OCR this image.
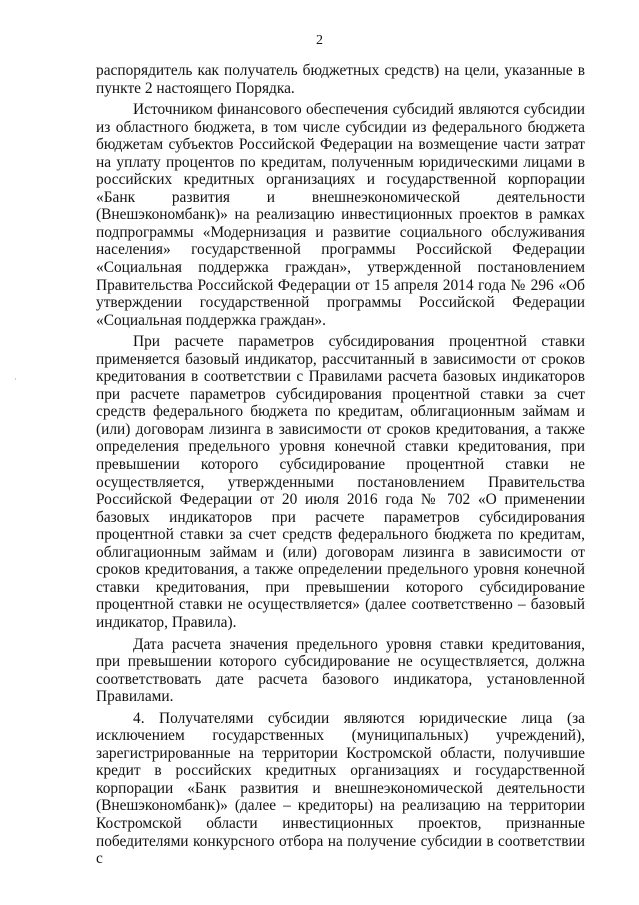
2
·

распорядитель как получатель бюджетных средств) на цели, указанные в пункте 2 настоящего Порядка.

Источником финансового обеспечения субсидий являются субсидии из областного бюджета, в том числе субсидии из федерального бюджета бюджетам субъектов Российской Федерации на возмещение части затрат на уплату процентов по кредитам, полученным юридическими лицами в российских кредитных организациях и государственной корпорации «Банк развития и внешнеэкономической деятельности (Внешэкономбанк)» на реализацию инвестиционных проектов в рамках подпрограммы «Модернизация и развитие социального обслуживания населения» государственной программы Российской Федерации «Социальная поддержка граждан», утвержденной постановлением Правительства Российской Федерации от 15 апреля 2014 года № 296 «Об утверждении государственной программы Российской Федерации «Социальная поддержка граждан».

При расчете параметров субсидирования процентной ставки применяется базовый индикатор, рассчитанный в зависимости от сроков кредитования в соответствии с Правилами расчета базовых индикаторов при расчете параметров субсидирования процентной ставки за счет средств федерального бюджета по кредитам, облигационным займам и (или) договорам лизинга в зависимости от сроков кредитования, а также определения предельного уровня конечной ставки кредитования, при превышении которого субсидирование процентной ставки не осуществляется, утвержденными постановлением Правительства Российской Федерации от 20 июля 2016 года № 702 «О применении базовых индикаторов при расчете параметров субсидирования процентной ставки за счет средств федерального бюджета по кредитам, облигационным займам и (или) договорам лизинга в зависимости от сроков кредитования, а также определении предельного уровня конечной ставки кредитования, при превышении которого субсидирование процентной ставки не осуществляется» (далее соответственно – базовый индикатор, Правила).

Дата расчета значения предельного уровня ставки кредитования, при превышении которого субсидирование не осуществляется, должна соответствовать дате расчета базового индикатора, установленной Правилами.

4. Получателями субсидии являются юридические лица (за исключением государственных (муниципальных) учреждений), зарегистрированные на территории Костромской области, получившие кредит в российских кредитных организациях и государственной корпорации «Банк развития и внешнеэкономической деятельности (Внешэкономбанк)» (далее – кредиторы) на реализацию на территории Костромской области инвестиционных проектов, признанные победителями конкурсного отбора на получение субсидии в соответствии с
